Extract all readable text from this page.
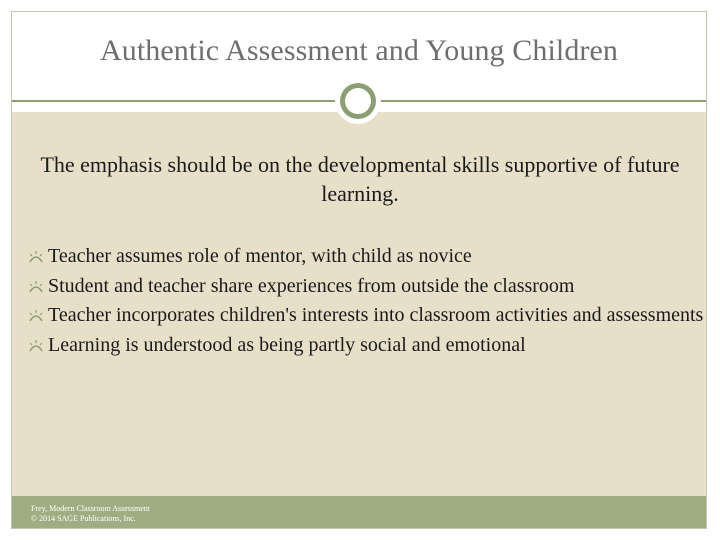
Authentic Assessment and Young Children
The emphasis should be on the developmental skills supportive of future learning.
Teacher assumes role of mentor, with child as novice
Student and teacher share experiences from outside the classroom
Teacher incorporates children's interests into classroom activities and assessments
Learning is understood as being partly social and emotional
Frey, Modern Classroom Assessment
© 2014 SAGE Publications, Inc.
